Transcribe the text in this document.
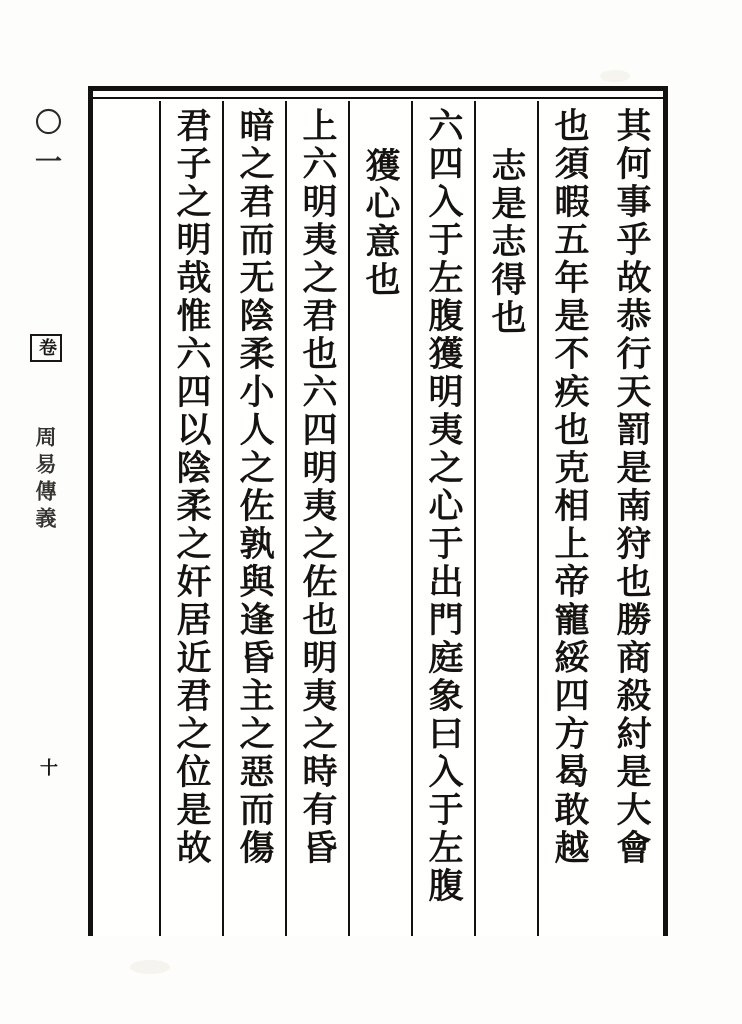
〇一
卷
周易傳義
十	其何事乎故恭行天罰是南狩也勝商殺紂是大會
也須暇五年是不疾也克相上帝寵綏四方曷敢越
志是志得也
六四入于左腹獲明夷之心于出門庭象曰入于左腹
獲心意也
上六明夷之君也六四明夷之佐也明夷之時有昏
暗之君而无陰柔小人之佐孰與逢昏主之惡而傷
君子之明哉惟六四以陰柔之奸居近君之位是故
